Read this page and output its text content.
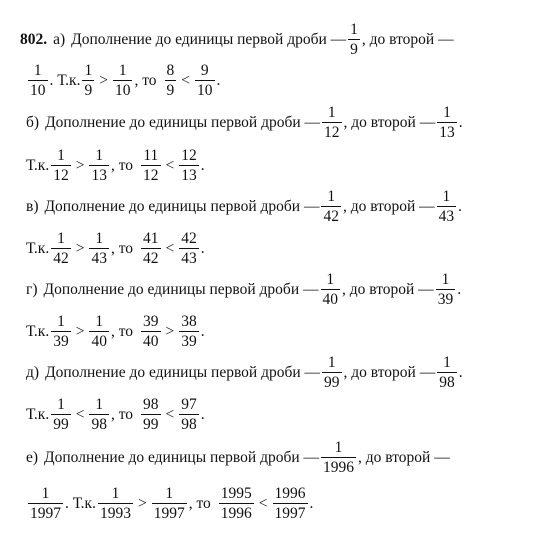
802. а) Дополнение до единицы первой дроби — $\frac{1}{9}$ , до второй —
$\frac{1}{10}$ . Т.к. $\frac{1}{9} > \frac{1}{10}$ , то $\frac{8}{9} < \frac{9}{10}$ .
б) Дополнение до единицы первой дроби — $\frac{1}{12}$ , до второй — $\frac{1}{13}$ .
Т.к. $\frac{1}{12} > \frac{1}{13}$ , то $\frac{11}{12} < \frac{12}{13}$ .
в) Дополнение до единицы первой дроби — $\frac{1}{42}$ , до второй — $\frac{1}{43}$ .
Т.к. $\frac{1}{42} > \frac{1}{43}$ , то $\frac{41}{42} < \frac{42}{43}$ .
г) Дополнение до единицы первой дроби — $\frac{1}{40}$ , до второй — $\frac{1}{39}$ .
Т.к. $\frac{1}{39} > \frac{1}{40}$ , то $\frac{39}{40} > \frac{38}{39}$ .
д) Дополнение до единицы первой дроби — $\frac{1}{99}$ , до второй — $\frac{1}{98}$ .
Т.к. $\frac{1}{99} < \frac{1}{98}$ , то $\frac{98}{99} < \frac{97}{98}$ .
е) Дополнение до единицы первой дроби — $\frac{1}{1996}$ , до второй —
$\frac{1}{1997}$ . Т.к. $\frac{1}{1993} > \frac{1}{1997}$ , то $\frac{1995}{1996} < \frac{1996}{1997}$ .
